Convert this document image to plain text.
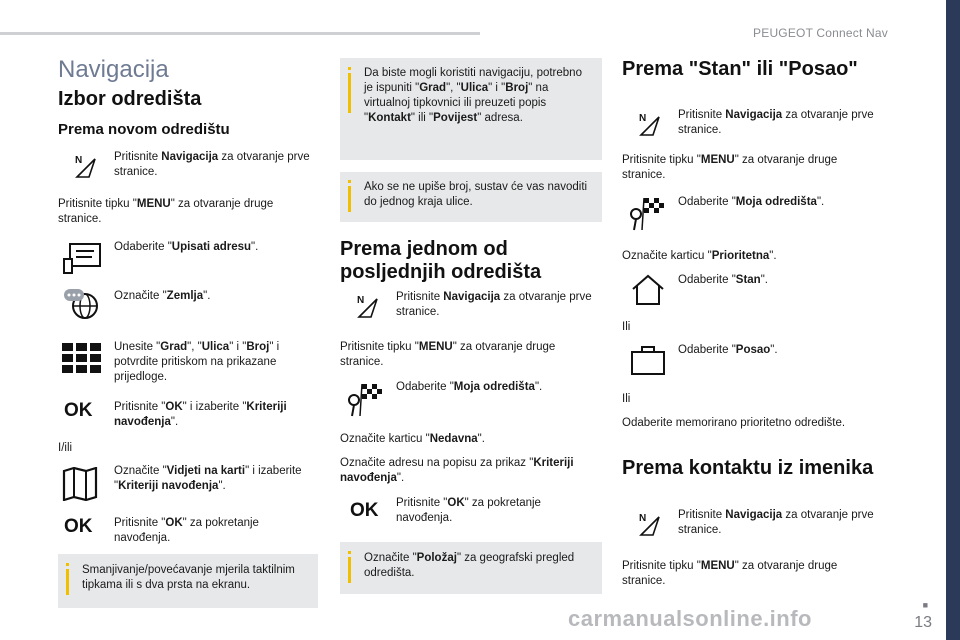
PEUGEOT Connect Nav
Navigacija
Izbor odredišta
Prema novom odredištu
N	Pritisnite Navigacija za otvaranje prve stranice.
Pritisnite tipku "MENU" za otvaranje druge stranice.
Odaberite "Upisati adresu".
Označite "Zemlja".
Unesite "Grad", "Ulica" i "Broj" i potvrdite pritiskom na prikazane prijedloge.
OK Pritisnite "OK" i izaberite "Kriteriji navođenja".
I/ili
Označite "Vidjeti na karti" i izaberite "Kriteriji navođenja".
OK Pritisnite "OK" za pokretanje navođenja.
Smanjivanje/povećavanje mjerila taktilnim tipkama ili s dva prsta na ekranu.
Da biste mogli koristiti navigaciju, potrebno je ispuniti "Grad", "Ulica" i "Broj" na virtualnoj tipkovnici ili preuzeti popis "Kontakt" ili "Povijest" adresa.
Ako se ne upiše broj, sustav će vas navoditi do jednog kraja ulice.
Prema jednom od posljednjih odredišta
N	Pritisnite Navigacija za otvaranje prve stranice.
Pritisnite tipku "MENU" za otvaranje druge stranice.
Odaberite "Moja odredišta".
Označite karticu "Nedavna".
Označite adresu na popisu za prikaz "Kriteriji navođenja".
OK Pritisnite "OK" za pokretanje navođenja.
Označite "Položaj" za geografski pregled odredišta.
Prema "Stan" ili "Posao"
N	Pritisnite Navigacija za otvaranje prve stranice.
Pritisnite tipku "MENU" za otvaranje druge stranice.
Odaberite "Moja odredišta".
Označite karticu "Prioritetna".
Odaberite "Stan".
Ili
Odaberite "Posao".
Ili
Odaberite memorirano prioritetno odredište.
Prema kontaktu iz imenika
N	Pritisnite Navigacija za otvaranje prve stranice.
Pritisnite tipku "MENU" za otvaranje druge stranice.
■
13
carmanualsonline.info
